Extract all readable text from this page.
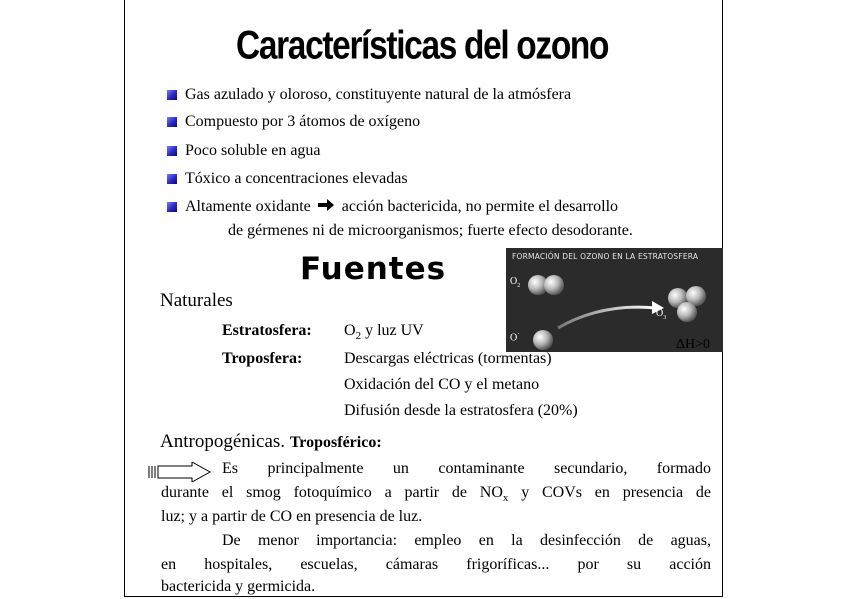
Características del ozono
Gas azulado y oloroso, constituyente natural de la atmósfera
Compuesto por 3 átomos de oxígeno
Poco soluble en agua
Tóxico a concentraciones elevadas
Altamente oxidante acción bactericida, no permite el desarrollo
de gérmenes ni de microorganismos; fuerte efecto desodorante.
Fuentes	FORMACIÓN DEL OZONO EN LA ESTRATOSFERA
$O_2$
O·
$O_3$
ΔH>0
Naturales
Estratosfera: $O_2$ y luz UV
Troposfera:	Descargas eléctricas (tormentas)
Oxidación del CO y el metano
Difusión desde la estratosfera (20%)
Antropogénicas. Troposférico:
Es principalmente un contaminante secundario, formado
durante el smog fotoquímico a partir de $NO_x$ y COVs en presencia de
luz; y a partir de CO en presencia de luz.
De menor importancia: empleo en la desinfección de aguas,
en hospitales, escuelas, cámaras frigoríficas... por su acción
bactericida y germicida.
